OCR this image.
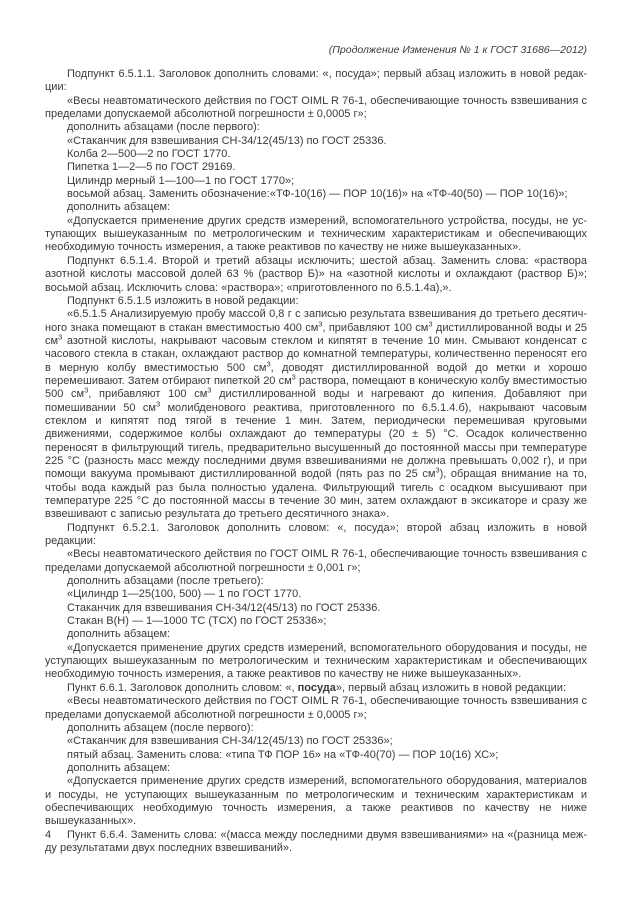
(Продолжение Изменения № 1 к ГОСТ 31686—2012)

Подпункт 6.5.1.1. Заголовок дополнить словами: «, посуда»; первый абзац изложить в новой редакции:

«Весы неавтоматического действия по ГОСТ OIML R 76-1, обеспечивающие точность взвешивания с пределами допускаемой абсолютной погрешности ± 0,0005 г»;

дополнить абзацами (после первого):

«Стаканчик для взвешивания СН-34/12(45/13) по ГОСТ 25336.

Колба 2—500—2 по ГОСТ 1770.

Пипетка 1—2—5 по ГОСТ 29169.

Цилиндр мерный 1—100—1 по ГОСТ 1770»;

восьмой абзац. Заменить обозначение:«ТФ-10(16) — ПОР 10(16)» на «ТФ-40(50) — ПОР 10(16)»;

дополнить абзацем:

«Допускается применение других средств измерений, вспомогательного устройства, посуды, не уступающих вышеуказанным по метрологическим и техническим характеристикам и обеспечивающих необходимую точность измерения, а также реактивов по качеству не ниже вышеуказанных».

Подпункт 6.5.1.4. Второй и третий абзацы исключить; шестой абзац. Заменить слова: «раствора азотной кислоты массовой долей 63 % (раствор Б)» на «азотной кислоты и охлаждают (раствор Б)»; восьмой абзац. Исключить слова: «раствора»; «приготовленного по 6.5.1.4а),».

Подпункт 6.5.1.5 изложить в новой редакции:

«6.5.1.5 Анализируемую пробу массой 0,8 г с записью результата взвешивания до третьего десятичного знака помещают в стакан вместимостью 400 $см^3$, прибавляют 100 $см^3$ дистиллированной воды и 25 $см^3$ азотной кислоты, накрывают часовым стеклом и кипятят в течение 10 мин. Смывают конденсат с часового стекла в стакан, охлаждают раствор до комнатной температуры, количественно переносят его в мерную колбу вместимостью 500 $см^3$, доводят дистиллированной водой до метки и хорошо перемешивают. Затем отбирают пипеткой 20 $см^3$ раствора, помещают в коническую колбу вместимостью 500 $см^3$, прибавляют 100 $см^3$ дистиллированной воды и нагревают до кипения. Добавляют при помешивании 50 $см^3$ молибденового реактива, приготовленного по 6.5.1.4.б), накрывают часовым стеклом и кипятят под тягой в течение 1 мин. Затем, периодически перемешивая круговыми движениями, содержимое колбы охлаждают до температуры (20 ± 5) °С. Осадок количественно переносят в фильтрующий тигель, предварительно высушенный до постоянной массы при температуре 225 °С (разность масс между последними двумя взвешиваниями не должна превышать 0,002 г), и при помощи вакуума промывают дистиллированной водой (пять раз по 25 $см^3$), обращая внимание на то, чтобы вода каждый раз была полностью удалена. Фильтрующий тигель с осадком высушивают при температуре 225 °С до постоянной массы в течение 30 мин, затем охлаждают в эксикаторе и сразу же взвешивают с записью результата до третьего десятичного знака».

Подпункт 6.5.2.1. Заголовок дополнить словом: «, посуда»; второй абзац изложить в новой редакции:

«Весы неавтоматического действия по ГОСТ OIML R 76-1, обеспечивающие точность взвешивания с пределами допускаемой абсолютной погрешности ± 0,001 г»;

дополнить абзацами (после третьего):

«Цилиндр 1—25(100, 500) — 1 по ГОСТ 1770.

Стаканчик для взвешивания СН-34/12(45/13) по ГОСТ 25336.

Стакан В(Н) — 1—1000 ТС (ТСХ) по ГОСТ 25336»;

дополнить абзацем:

«Допускается применение других средств измерений, вспомогательного оборудования и посуды, не уступающих вышеуказанным по метрологическим и техническим характеристикам и обеспечивающих необходимую точность измерения, а также реактивов по качеству не ниже вышеуказанных».

Пункт 6.6.1. Заголовок дополнить словом: «, посуда», первый абзац изложить в новой редакции:

«Весы неавтоматического действия по ГОСТ OIML R 76-1, обеспечивающие точность взвешивания с пределами допускаемой абсолютной погрешности ± 0,0005 г»;

дополнить абзацем (после первого):

«Стаканчик для взвешивания СН-34/12(45/13) по ГОСТ 25336»;

пятый абзац. Заменить слова: «типа ТФ ПОР 16» на «ТФ-40(70) — ПОР 10(16) ХС»;

дополнить абзацем:

«Допускается применение других средств измерений, вспомогательного оборудования, материалов и посуды, не уступающих вышеуказанным по метрологическим и техническим характеристикам и обеспечивающих необходимую точность измерения, а также реактивов по качеству не ниже вышеуказанных».

Пункт 6.6.4. Заменить слова: «(масса между последними двумя взвешиваниями» на «(разница между результатами двух последних взвешиваний».

4
